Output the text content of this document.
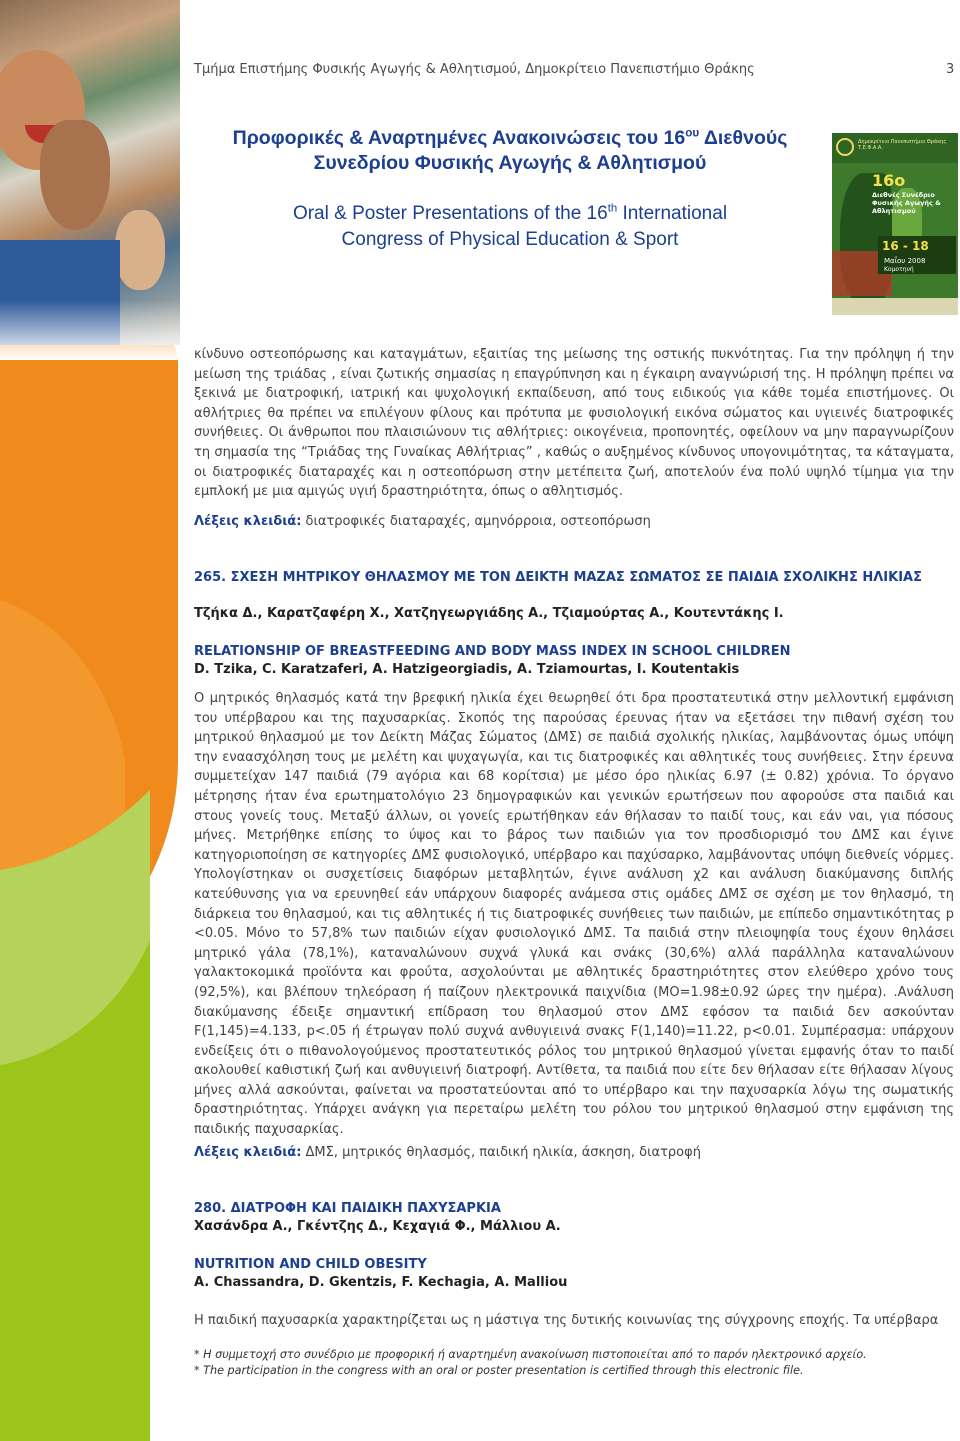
Τμήμα Επιστήμης Φυσικής Αγωγής & Αθλητισμού, Δημοκρίτειο Πανεπιστήμιο Θράκης	3
Προφορικές & Αναρτημένες Ανακοινώσεις του $16^{o\upsilon}$ Διεθνούς
Συνεδρίου Φυσικής Αγωγής & Αθλητισμού
Oral & Poster Presentations of the 16th International
Congress of Physical Education & Sport
Δημοκρίτειο Πανεπιστήμιο Θράκης Τ.Ε.Φ.Α.Α.
16ο
Διεθνές Συνέδριο Φυσικής Αγωγής & Αθλητισμού
16 - 18
Μαΐου 2008
Κομοτηνή
κίνδυνο οστεοπόρωσης και καταγμάτων, εξαιτίας της μείωσης της οστικής πυκνότητας. Για την πρόληψη ή την μείωση της τριάδας , είναι ζωτικής σημασίας η επαγρύπνηση και η έγκαιρη αναγνώρισή της. Η πρόληψη πρέπει να ξεκινά με διατροφική, ιατρική και ψυχολογική εκπαίδευση, από τους ειδικούς για κάθε τομέα επιστήμονες. Οι αθλήτριες θα πρέπει να επιλέγουν φίλους και πρότυπα με φυσιολογική εικόνα σώματος και υγιεινές διατροφικές συνήθειες. Οι άνθρωποι που πλαισιώνουν τις αθλήτριες: οικογένεια, προπονητές, οφείλουν να μην παραγνωρίζουν τη σημασία της “Τριάδας της Γυναίκας Αθλήτριας” , καθώς ο αυξημένος κίνδυνος υπογονιμότητας, τα κάταγματα, οι διατροφικές διαταραχές και η οστεοπόρωση στην μετέπειτα ζωή, αποτελούν ένα πολύ υψηλό τίμημα για την εμπλοκή με μια αμιγώς υγιή δραστηριότητα, όπως ο αθλητισμός.
Λέξεις κλειδιά: διατροφικές διαταραχές, αμηνόρροια, οστεοπόρωση
265. ΣΧΕΣΗ ΜΗΤΡΙΚΟΥ ΘΗΛΑΣΜΟΥ ΜΕ ΤΟΝ ΔΕΙΚΤΗ ΜΑΖΑΣ ΣΩΜΑΤΟΣ ΣΕ ΠΑΙΔΙΑ ΣΧΟΛΙΚΗΣ ΗΛΙΚΙΑΣ
Τζήκα Δ., Καρατζαφέρη Χ., Χατζηγεωργιάδης Α., Τζιαμούρτας Α., Κουτεντάκης Ι.
RELATIONSHIP OF BREASTFEEDING AND BODY MASS INDEX IN SCHOOL CHILDREN
D. Tzika, C. Karatzaferi, A. Hatzigeorgiadis, A. Tziamourtas, I. Koutentakis
Ο μητρικός θηλασμός κατά την βρεφική ηλικία έχει θεωρηθεί ότι δρα προστατευτικά στην μελλοντική εμφάνιση του υπέρβαρου και της παχυσαρκίας. Σκοπός της παρούσας έρευνας ήταν να εξετάσει την πιθανή σχέση του μητρικού θηλασμού με τον Δείκτη Μάζας Σώματος (ΔΜΣ) σε παιδιά σχολικής ηλικίας, λαμβάνοντας όμως υπόψη την εναασχόληση τους με μελέτη και ψυχαγωγία, και τις διατροφικές και αθλητικές τους συνήθειες. Στην έρευνα συμμετείχαν 147 παιδιά (79 αγόρια και 68 κορίτσια) με μέσο όρο ηλικίας 6.97 (± 0.82) χρόνια. Το όργανο μέτρησης ήταν ένα ερωτηματολόγιο 23 δημογραφικών και γενικών ερωτήσεων που αφορούσε στα παιδιά και στους γονείς τους. Μεταξύ άλλων, οι γονείς ερωτήθηκαν εάν θήλασαν το παιδί τους, και εάν ναι, για πόσους μήνες. Μετρήθηκε επίσης το ύψος και το βάρος των παιδιών για τον προσδιορισμό του ΔΜΣ και έγινε κατηγοριοποίηση σε κατηγορίες ΔΜΣ φυσιολογικό, υπέρβαρο και παχύσαρκο, λαμβάνοντας υπόψη διεθνείς νόρμες. Υπολογίστηκαν οι συσχετίσεις διαφόρων μεταβλητών, έγινε ανάλυση χ2 και ανάλυση διακύμανσης διπλής κατεύθυνσης για να ερευνηθεί εάν υπάρχουν διαφορές ανάμεσα στις ομάδες ΔΜΣ σε σχέση με τον θηλασμό, τη διάρκεια του θηλασμού, και τις αθλητικές ή τις διατροφικές συνήθειες των παιδιών, με επίπεδο σημαντικότητας p <0.05. Μόνο το 57,8% των παιδιών είχαν φυσιολογικό ΔΜΣ. Τα παιδιά στην πλειοψηφία τους έχουν θηλάσει μητρικό γάλα (78,1%), καταναλώνουν συχνά γλυκά και σνάκς (30,6%) αλλά παράλληλα καταναλώνουν γαλακτοκομικά προϊόντα και φρούτα, ασχολούνται με αθλητικές δραστηριότητες στον ελεύθερο χρόνο τους (92,5%), και βλέπουν τηλεόραση ή παίζουν ηλεκτρονικά παιχνίδια (ΜΟ=1.98±0.92 ώρες την ημέρα). .Ανάλυση διακύμανσης έδειξε σημαντική επίδραση του θηλασμού στον ΔΜΣ εφόσον τα παιδιά δεν ασκούνταν F(1,145)=4.133, p<.05 ή έτρωγαν πολύ συχνά ανθυγιεινά σνακς F(1,140)=11.22, p<0.01. Συμπέρασμα: υπάρχουν ενδείξεις ότι ο πιθανολογούμενος προστατευτικός ρόλος του μητρικού θηλασμού γίνεται εμφανής όταν το παιδί ακολουθεί καθιστική ζωή και ανθυγιεινή διατροφή. Αντίθετα, τα παιδιά που είτε δεν θήλασαν είτε θήλασαν λίγους μήνες αλλά ασκούνται, φαίνεται να προστατεύονται από το υπέρβαρο και την παχυσαρκία λόγω της σωματικής δραστηριότητας. Υπάρχει ανάγκη για περεταίρω μελέτη του ρόλου του μητρικού θηλασμού στην εμφάνιση της παιδικής παχυσαρκίας.
Λέξεις κλειδιά: ΔΜΣ, μητρικός θηλασμός, παιδική ηλικία, άσκηση, διατροφή
280. ΔΙΑΤΡΟΦΗ ΚΑΙ ΠΑΙΔΙΚΗ ΠΑΧΥΣΑΡΚΙΑ
Χασάνδρα Α., Γκέντζης Δ., Κεχαγιά Φ., Μάλλιου Α.
NUTRITION AND CHILD OBESITY
A. Chassandra, D. Gkentzis, F. Kechagia, A. Malliou
Η παιδική παχυσαρκία χαρακτηρίζεται ως η μάστιγα της δυτικής κοινωνίας της σύγχρονης εποχής. Τα υπέρβαρα
* Η συμμετοχή στο συνέδριο με προφορική ή αναρτημένη ανακοίνωση πιστοποιείται από το παρόν ηλεκτρονικό αρχείο.
* The participation in the congress with an oral or poster presentation is certified through this electronic file.
